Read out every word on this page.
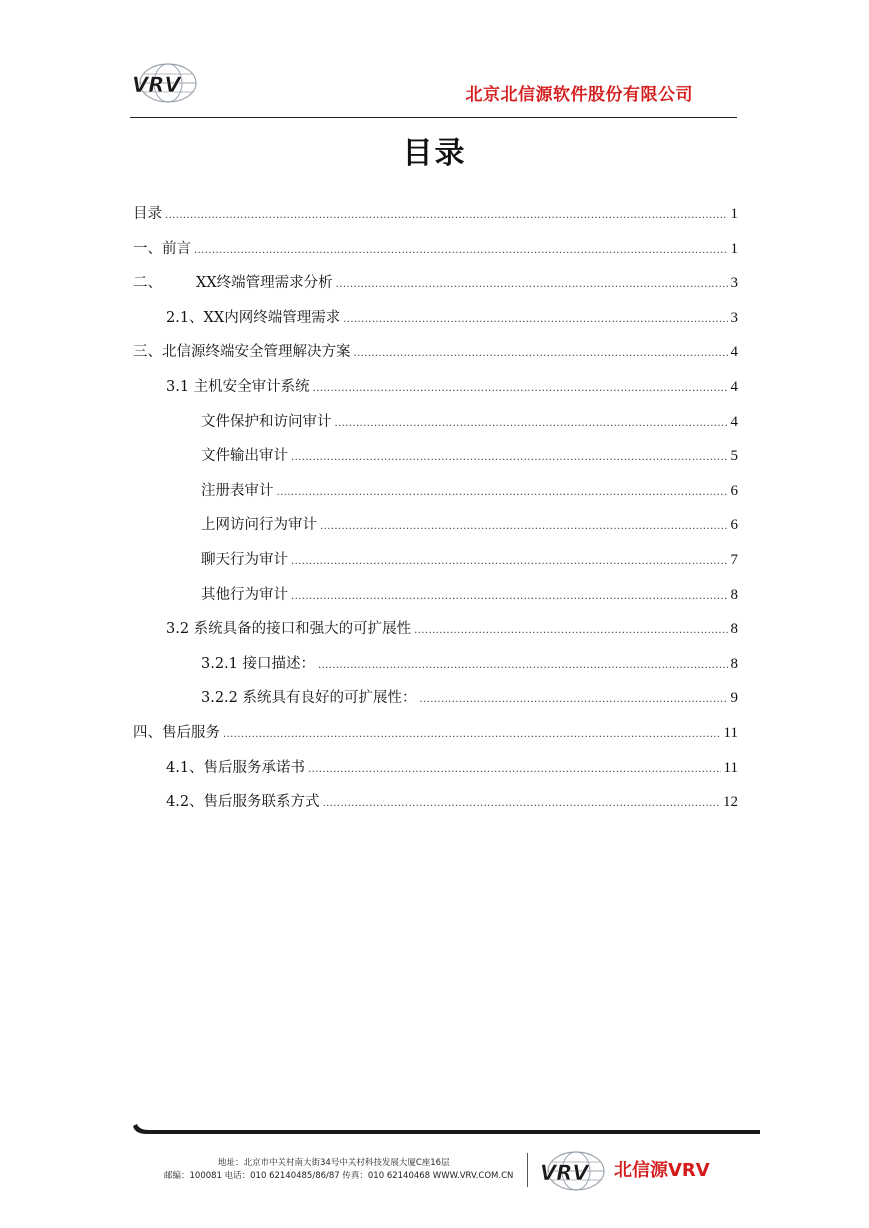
VRV	北京北信源软件股份有限公司
目录
目录 .....	1
一、前言 .....	1
二、 XX终端管理需求分析 .....	3
2.1、XX内网终端管理需求 .....	3
三、北信源终端安全管理解决方案 .....	4
3.1 主机安全审计系统 .....	4
文件保护和访问审计 .....	4
文件输出审计 .....	5
注册表审计 .....	6
上网访问行为审计 .....	6
聊天行为审计 .....	7
其他行为审计 .....	8
3.2 系统具备的接口和强大的可扩展性 .....	8
3.2.1 接口描述： .....	8
3.2.2 系统具有良好的可扩展性： .....	9
四、售后服务 .....	11
4.1、售后服务承诺书 .....	11
4.2、售后服务联系方式 .....	12
地址：北京市中关村南大街34号中关村科技发展大厦C座16层
邮编：100081 电话：010 62140485/86/87 传真：010 62140468 WWW.VRV.COM.CN	VRV 北信源VRV
